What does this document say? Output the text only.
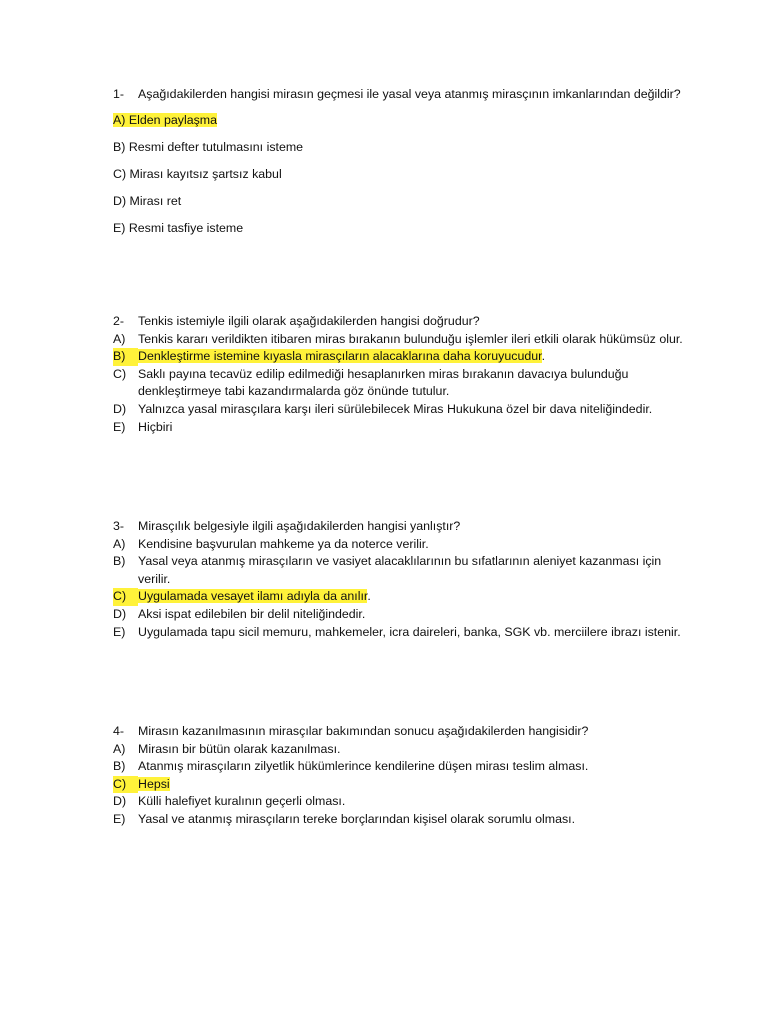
1-	Aşağıdakilerden hangisi mirasın geçmesi ile yasal veya atanmış mirasçının imkanlarından değildir?
A) Elden paylaşma
B) Resmi defter tutulmasını isteme
C) Mirası kayıtsız şartsız kabul
D) Mirası ret
E) Resmi tasfiye isteme
2-	Tenkis istemiyle ilgili olarak aşağıdakilerden hangisi doğrudur?
A)	Tenkis kararı verildikten itibaren miras bırakanın bulunduğu işlemler ileri etkili olarak hükümsüz olur.
B)	Denkleştirme istemine kıyasla mirasçıların alacaklarına daha koruyucudur.
C) Saklı payına tecavüz edilip edilmediği hesaplanırken miras bırakanın davacıya bulunduğu denkleştirmeye tabi kazandırmalarda göz önünde tutulur.
D) Yalnızca yasal mirasçılara karşı ileri sürülebilecek Miras Hukukuna özel bir dava niteliğindedir.
E)	Hiçbiri
3-	Mirasçılık belgesiyle ilgili aşağıdakilerden hangisi yanlıştır?
A)	Kendisine başvurulan mahkeme ya da noterce verilir.
B)	Yasal veya atanmış mirasçıların ve vasiyet alacaklılarının bu sıfatlarının aleniyet kazanması için verilir.
C) Uygulamada vesayet ilamı adıyla da anılır.
D) Aksi ispat edilebilen bir delil niteliğindedir.
E)	Uygulamada tapu sicil memuru, mahkemeler, icra daireleri, banka, SGK vb. merciilere ibrazı istenir.
4-	Mirasın kazanılmasının mirasçılar bakımından sonucu aşağıdakilerden hangisidir?
A)	Mirasın bir bütün olarak kazanılması.
B)	Atanmış mirasçıların zilyetlik hükümlerince kendilerine düşen mirası teslim alması.
C) Hepsi
D) Külli halefiyet kuralının geçerli olması.
E)	Yasal ve atanmış mirasçıların tereke borçlarından kişisel olarak sorumlu olması.
